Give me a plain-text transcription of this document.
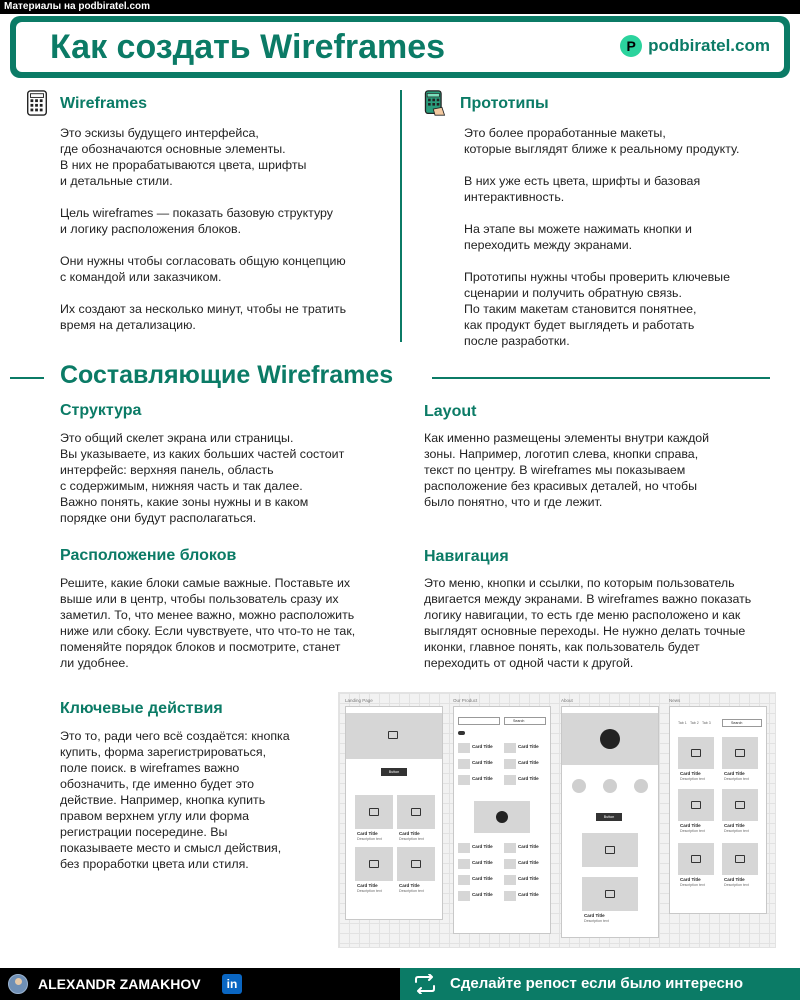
Материалы на podbiratel.com
Как создать Wireframes	P podbiratel.com
Wireframes
Это эскизы будущего интерфейса,
где обозначаются основные элементы.
В них не прорабатываются цвета, шрифты
и детальные стили.

Цель wireframes — показать базовую структуру
и логику расположения блоков.

Они нужны чтобы согласовать общую концепцию
с командой или заказчиком.

Их создают за несколько минут, чтобы не тратить
время на детализацию.
Прототипы
Это более проработанные макеты,
которые выглядят ближе к реальному продукту.

В них уже есть цвета, шрифты и базовая
интерактивность.

На этапе вы можете нажимать кнопки и
переходить между экранами.

Прототипы нужны чтобы проверить ключевые
сценарии и получить обратную связь.
По таким макетам становится понятнее,
как продукт будет выглядеть и работать
после разработки.
Составляющие Wireframes
Структура
Это общий скелет экрана или страницы.
Вы указываете, из каких больших частей состоит
интерфейс: верхняя панель, область
с содержимым, нижняя часть и так далее.
Важно понять, какие зоны нужны и в каком
порядке они будут располагаться.
Layout
Как именно размещены элементы внутри каждой
зоны. Например, логотип слева, кнопки справа,
текст по центру. В wireframes мы показываем
расположение без красивых деталей, но чтобы
было понятно, что и где лежит.
Расположение блоков
Решите, какие блоки самые важные. Поставьте их
выше или в центр, чтобы пользователь сразу их
заметил. То, что менее важно, можно расположить
ниже или сбоку. Если чувствуете, что что-то не так,
поменяйте порядок блоков и посмотрите, станет
ли удобнее.
Навигация
Это меню, кнопки и ссылки, по которым пользователь
двигается между экранами. В wireframes важно показать
логику навигации, то есть где меню расположено и как
выглядят основные переходы. Не нужно делать точные
иконки, главное понять, как пользователь будет
переходить от одной части к другой.
Ключевые действия
Это то, ради чего всё создаётся: кнопка
купить, форма зарегистрироваться,
поле поиск. в wireframes важно
обозначить, где именно будет это
действие. Например, кнопка купить
правом верхнем углу или форма
регистрации посередине. Вы
показываете место и смысл действия,
без проработки цвета или стиля.
Landing Page
Button
Card Title
Description text
Card Title
Description text
Card Title
Description text
Card Title
Description text
Our Product
Search
Card Title	Card Title
Card Title	Card Title
Card Title	Card Title
Card Title	Card Title
Card Title	Card Title
Card Title	Card Title
Card Title	Card Title
About
Button
Card Title
Description text
News
Tab 1 Tab 2 Tab 3	Search
Card Title
Description text
Card Title
Description text
Card Title
Description text
Card Title
Description text
Card Title
Description text
Card Title
Description text
ALEXANDR ZAMAKHOV	in	Сделайте репост если было интересно
